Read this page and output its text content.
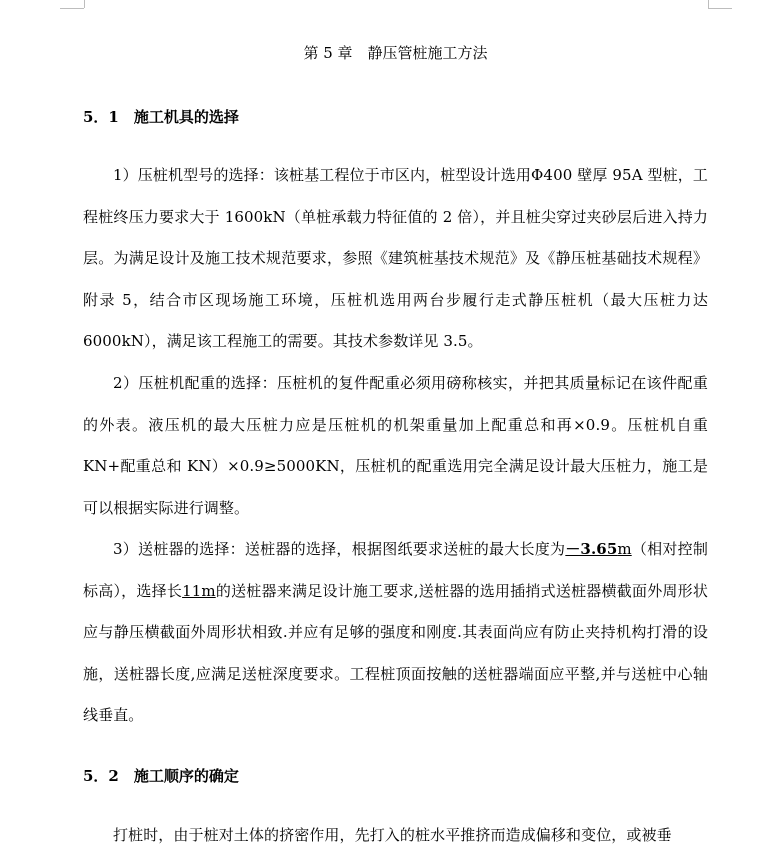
第 5 章　静压管桩施工方法
5．1　施工机具的选择
1）压桩机型号的选择：该桩基工程位于市区内，桩型设计选用Φ400 壁厚 95A 型桩，工程桩终压力要求大于 1600kN（单桩承载力特征值的 2 倍），并且桩尖穿过夹砂层后进入持力层。为满足设计及施工技术规范要求，参照《建筑桩基技术规范》及《静压桩基础技术规程》附录 5，结合市区现场施工环境，压桩机选用两台步履行走式静压桩机（最大压桩力达 6000kN），满足该工程施工的需要。其技术参数详见 3.5。
2）压桩机配重的选择：压桩机的复件配重必须用磅称核实，并把其质量标记在该件配重的外表。液压机的最大压桩力应是压桩机的机架重量加上配重总和再×0.9。压桩机自重 KN+配重总和 KN）×0.9≥5000KN，压桩机的配重选用完全满足设计最大压桩力，施工是可以根据实际进行调整。
3）送桩器的选择：送桩器的选择，根据图纸要求送桩的最大长度为－3.65m（相对控制标高），选择长11m的送桩器来满足设计施工要求,送桩器的选用插捎式送桩器横截面外周形状应与静压横截面外周形状相致.并应有足够的强度和刚度.其表面尚应有防止夹持机构打滑的设施，送桩器长度,应满足送桩深度要求。工程桩顶面按触的送桩器端面应平整,并与送桩中心轴线垂直。
5．2　施工顺序的确定
打桩时，由于桩对土体的挤密作用，先打入的桩水平推挤而造成偏移和变位，或被垂
